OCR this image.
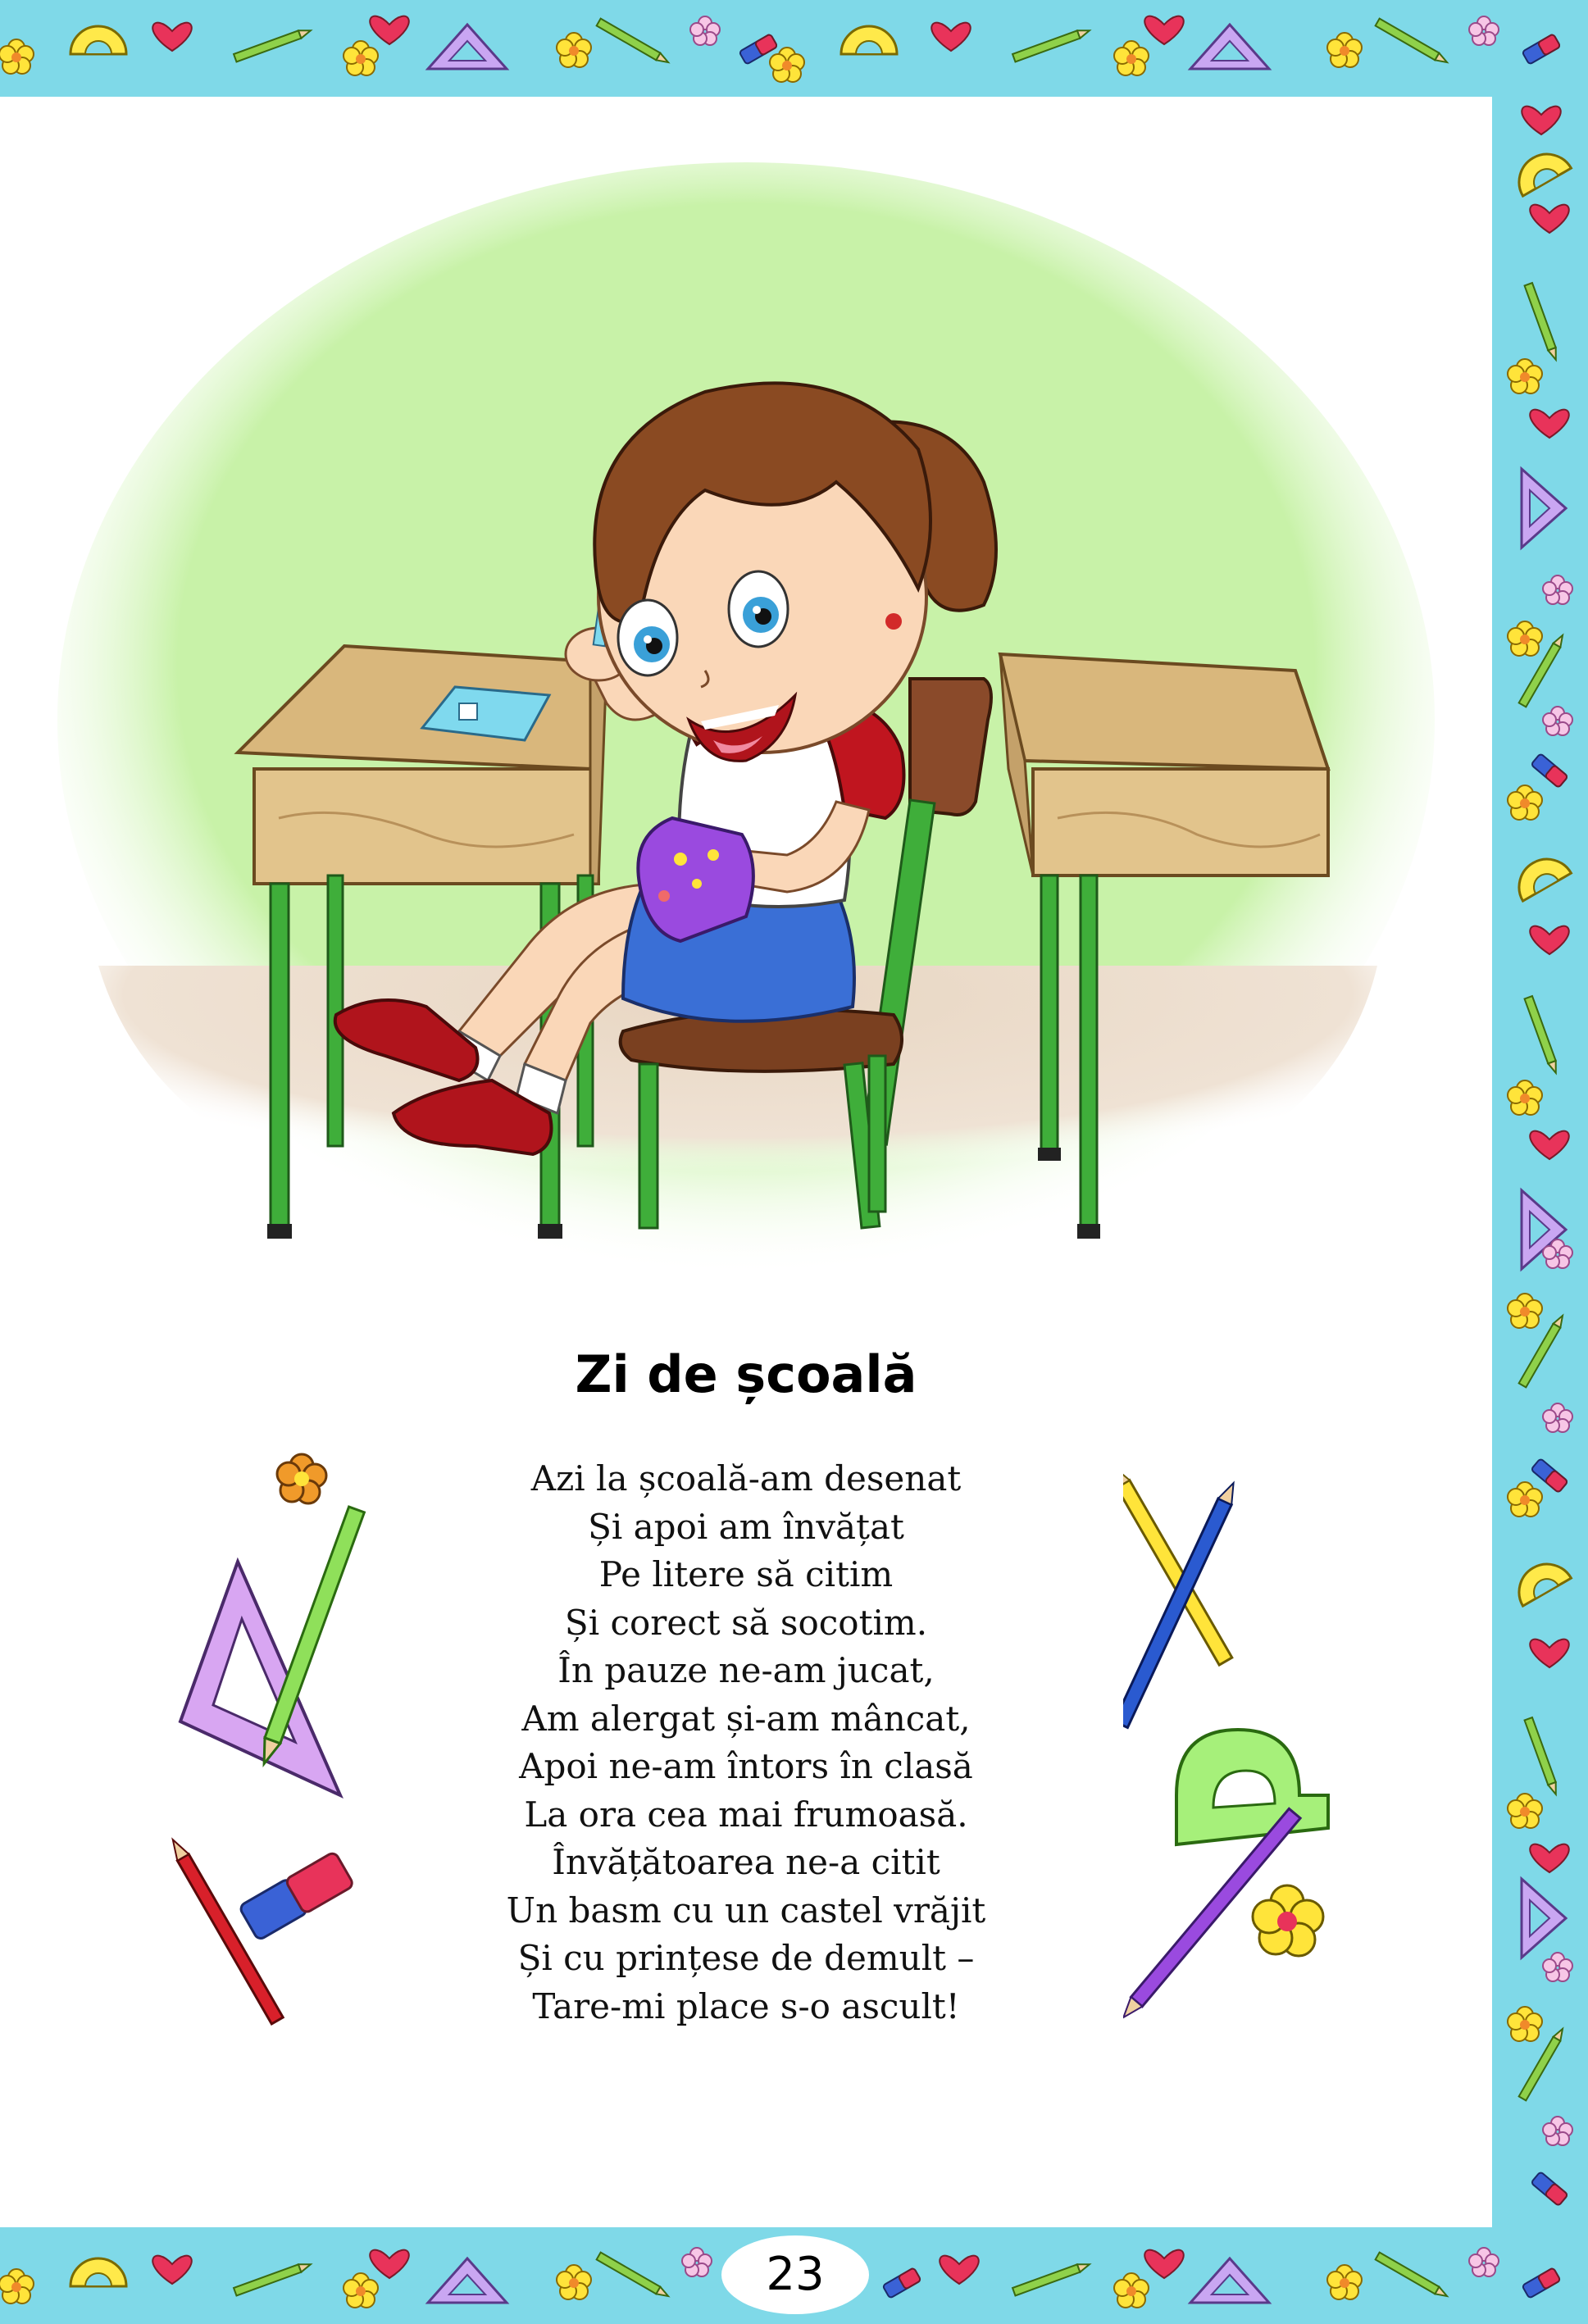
Zi de școală
Azi la școală-am desenat
Și apoi am învățat
Pe litere să citim
Și corect să socotim.
În pauze ne-am jucat,
Am alergat și-am mâncat,
Apoi ne-am întors în clasă
La ora cea mai frumoasă.
Învățătoarea ne-a citit
Un basm cu un castel vrăjit
Și cu prințese de demult –
Tare-mi place s-o ascult!
23
